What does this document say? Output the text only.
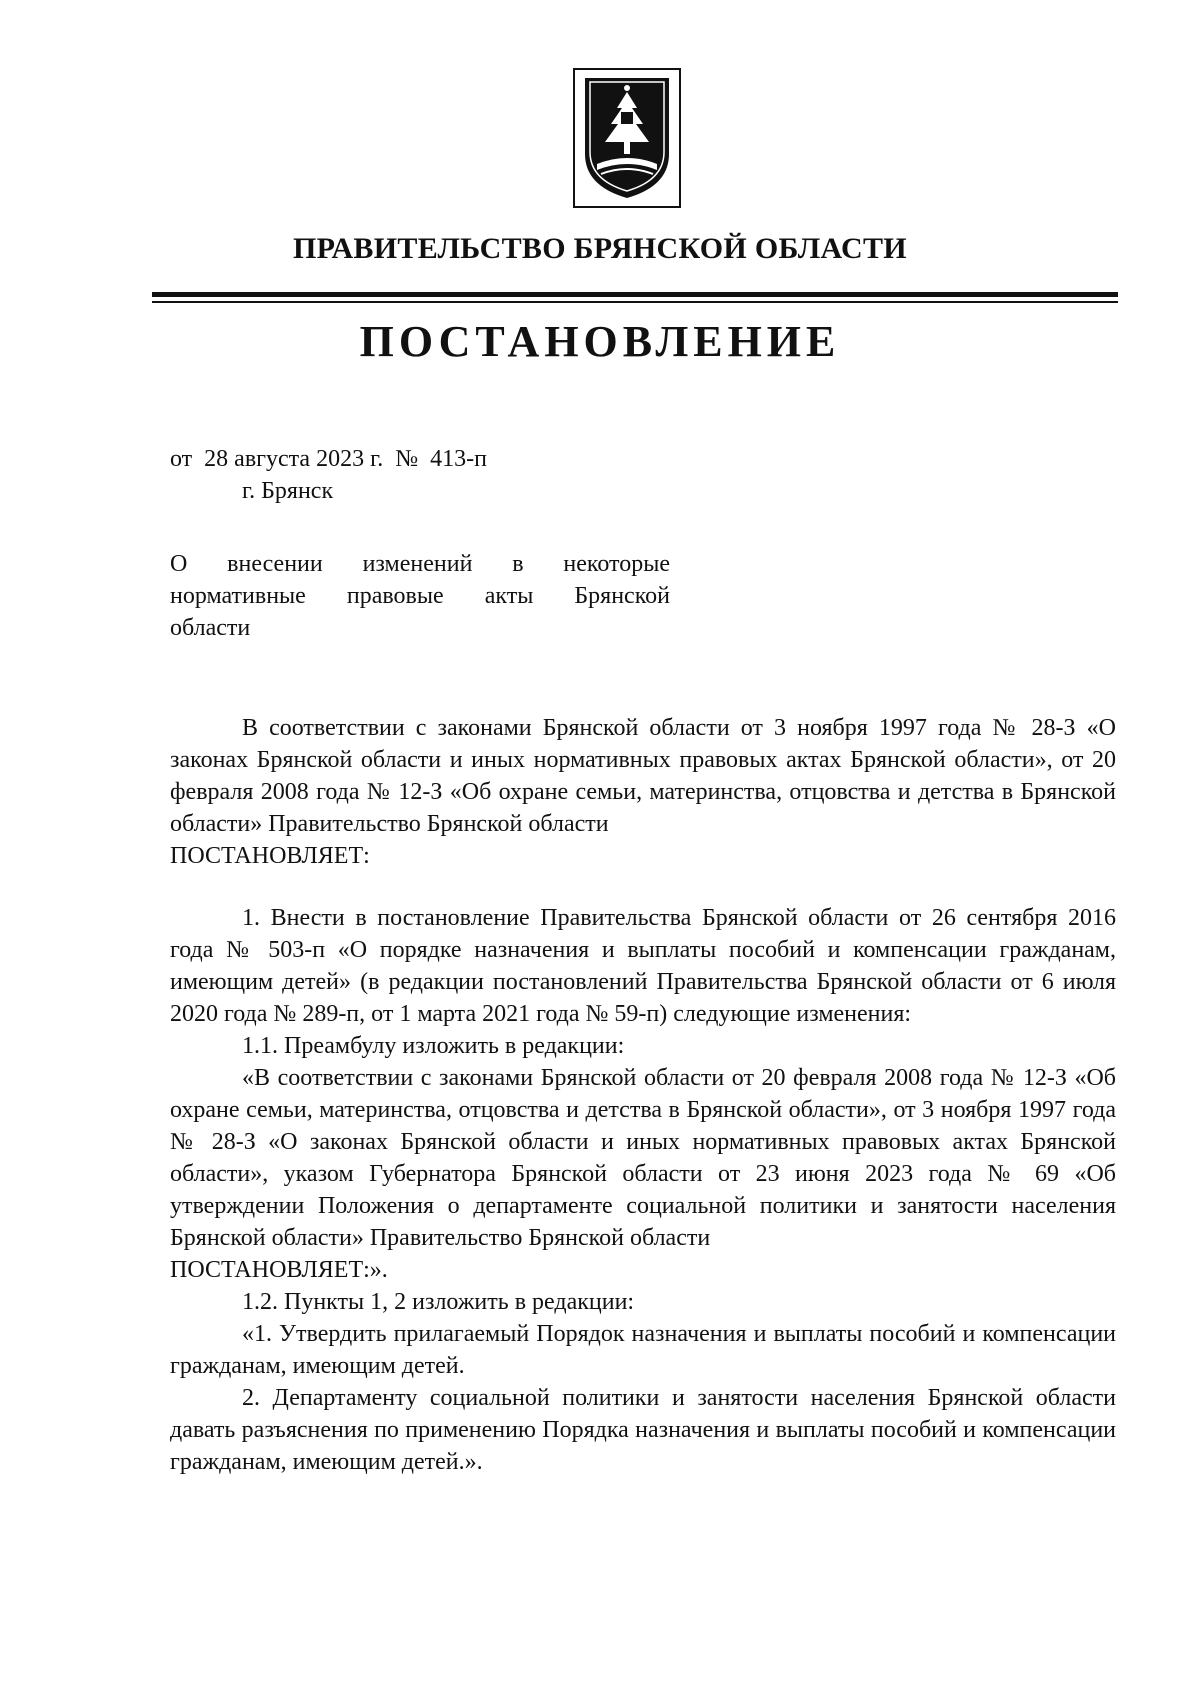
ПРАВИТЕЛЬСТВО БРЯНСКОЙ ОБЛАСТИ
ПОСТАНОВЛЕНИЕ
от  28 августа 2023 г.  №  413-п
г. Брянск
О внесении изменений в некоторые
нормативные правовые акты Брянской
области

В соответствии с законами Брянской области от 3 ноября 1997 года № 28-З «О законах Брянской области и иных нормативных правовых актах Брянской области», от 20 февраля 2008 года № 12-З «Об охране семьи, материнства, отцовства и детства в Брянской области» Правительство Брянской области

ПОСТАНОВЛЯЕТ:

1. Внести в постановление Правительства Брянской области от 26 сентября 2016 года № 503-п «О порядке назначения и выплаты пособий и компенсации гражданам, имеющим детей» (в редакции постановлений Правительства Брянской области от 6 июля 2020 года № 289-п, от 1 марта 2021 года № 59-п) следующие изменения:

1.1. Преамбулу изложить в редакции:

«В соответствии с законами Брянской области от 20 февраля 2008 года № 12-З «Об охране семьи, материнства, отцовства и детства в Брянской области», от 3 ноября 1997 года № 28-З «О законах Брянской области и иных нормативных правовых актах Брянской области», указом Губернатора Брянской области от 23 июня 2023 года № 69 «Об утверждении Положения о департаменте социальной политики и занятости населения Брянской области» Правительство Брянской области

ПОСТАНОВЛЯЕТ:».

1.2. Пункты 1, 2 изложить в редакции:

«1. Утвердить прилагаемый Порядок назначения и выплаты пособий и компенсации гражданам, имеющим детей.

2. Департаменту социальной политики и занятости населения Брянской области давать разъяснения по применению Порядка назначения и выплаты пособий и компенсации гражданам, имеющим детей.».
